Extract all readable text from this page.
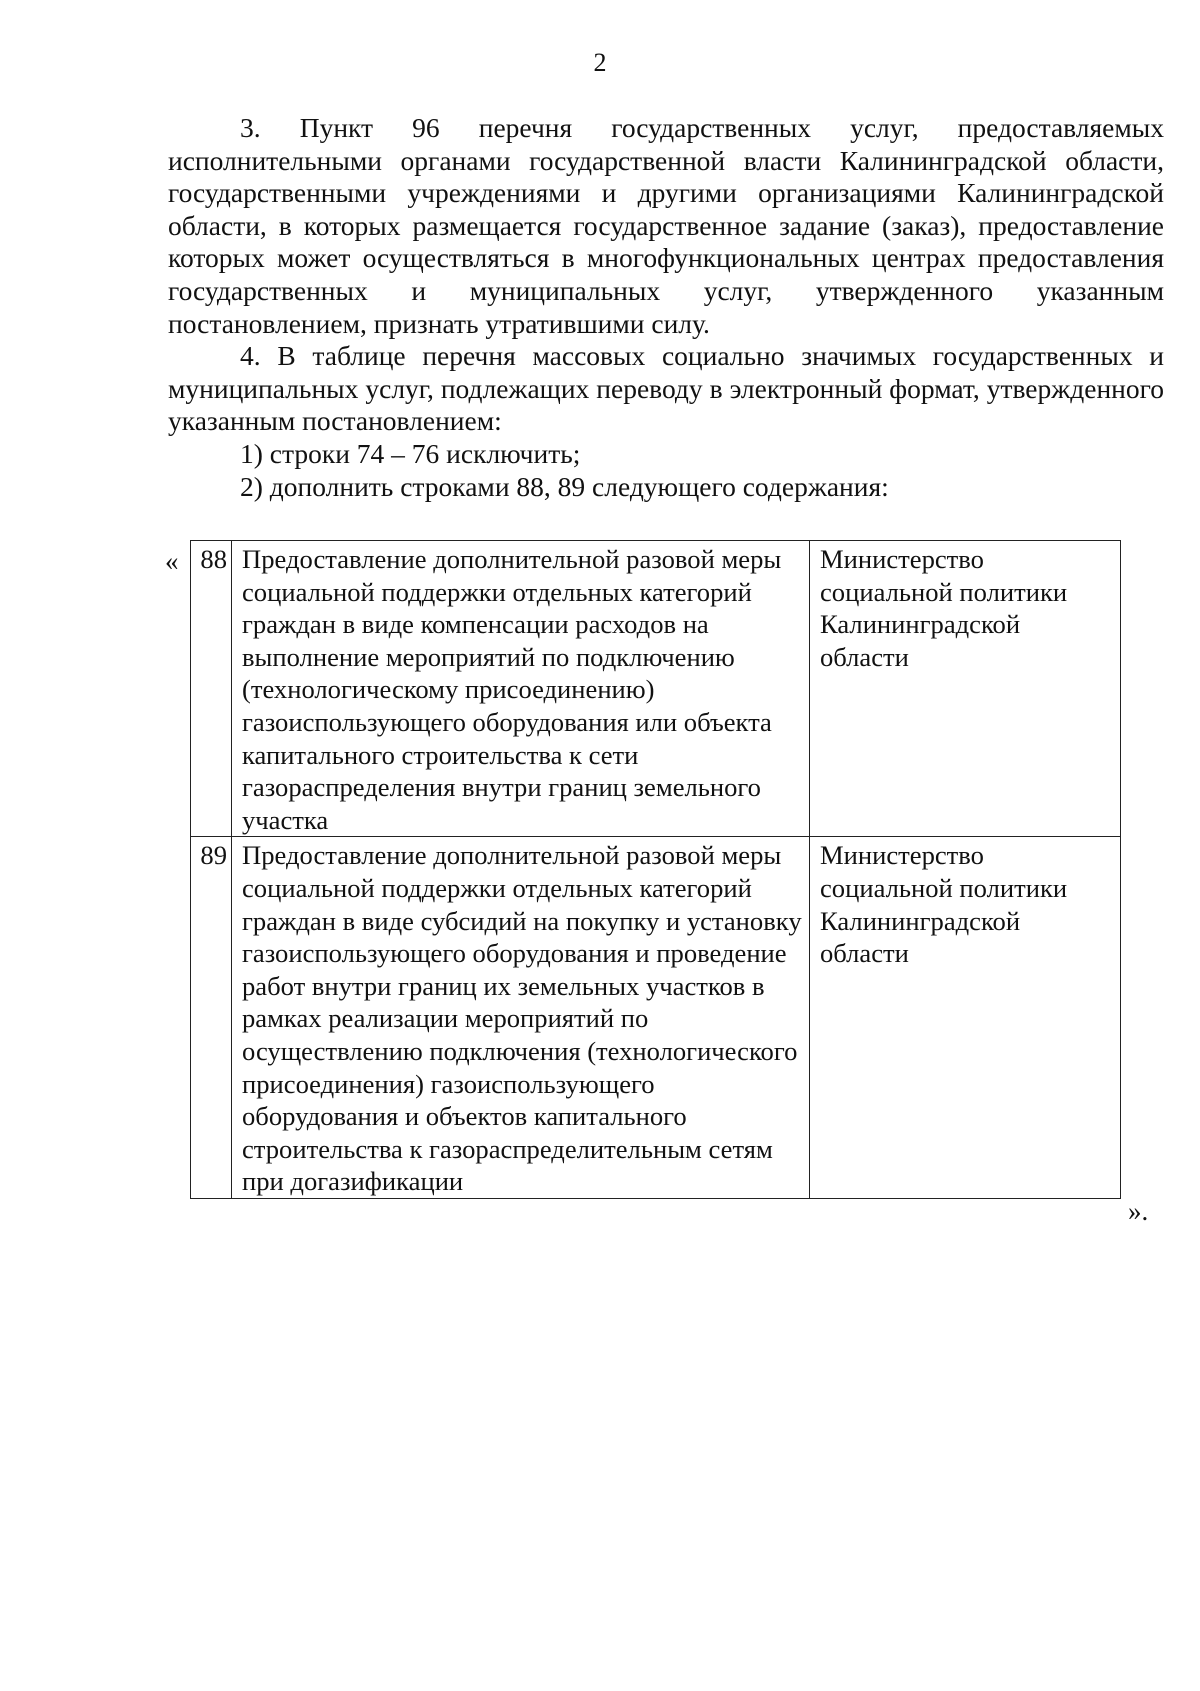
2

3. Пункт 96 перечня государственных услуг, предоставляемых исполнительными органами государственной власти Калининградской области, государственными учреждениями и другими организациями Калининградской области, в которых размещается государственное задание (заказ), предоставление которых может осуществляться в многофункциональных центрах предоставления государственных и муниципальных услуг, утвержденного указанным постановлением, признать утратившими силу.

4. В таблице перечня массовых социально значимых государственных и муниципальных услуг, подлежащих переводу в электронный формат, утвержденного указанным постановлением:

1) строки 74 – 76 исключить;

2) дополнить строками 88, 89 следующего содержания:

« 88	Предоставление дополнительной разовой меры социальной поддержки отдельных категорий граждан в виде компенсации расходов на выполнение мероприятий по подключению (технологическому присоединению) газоиспользующего оборудования или объекта капитального строительства к сети газораспределения внутри границ земельного участка	Министерство социальной политики Калининградской области
89	Предоставление дополнительной разовой меры социальной поддержки отдельных категорий граждан в виде субсидий на покупку и установку газоиспользующего оборудования и проведение работ внутри границ их земельных участков в рамках реализации мероприятий по осуществлению подключения (технологического присоединения) газоиспользующего оборудования и объектов капитального строительства к газораспределительным сетям при догазификации	Министерство социальной политики Калининградской области
».
